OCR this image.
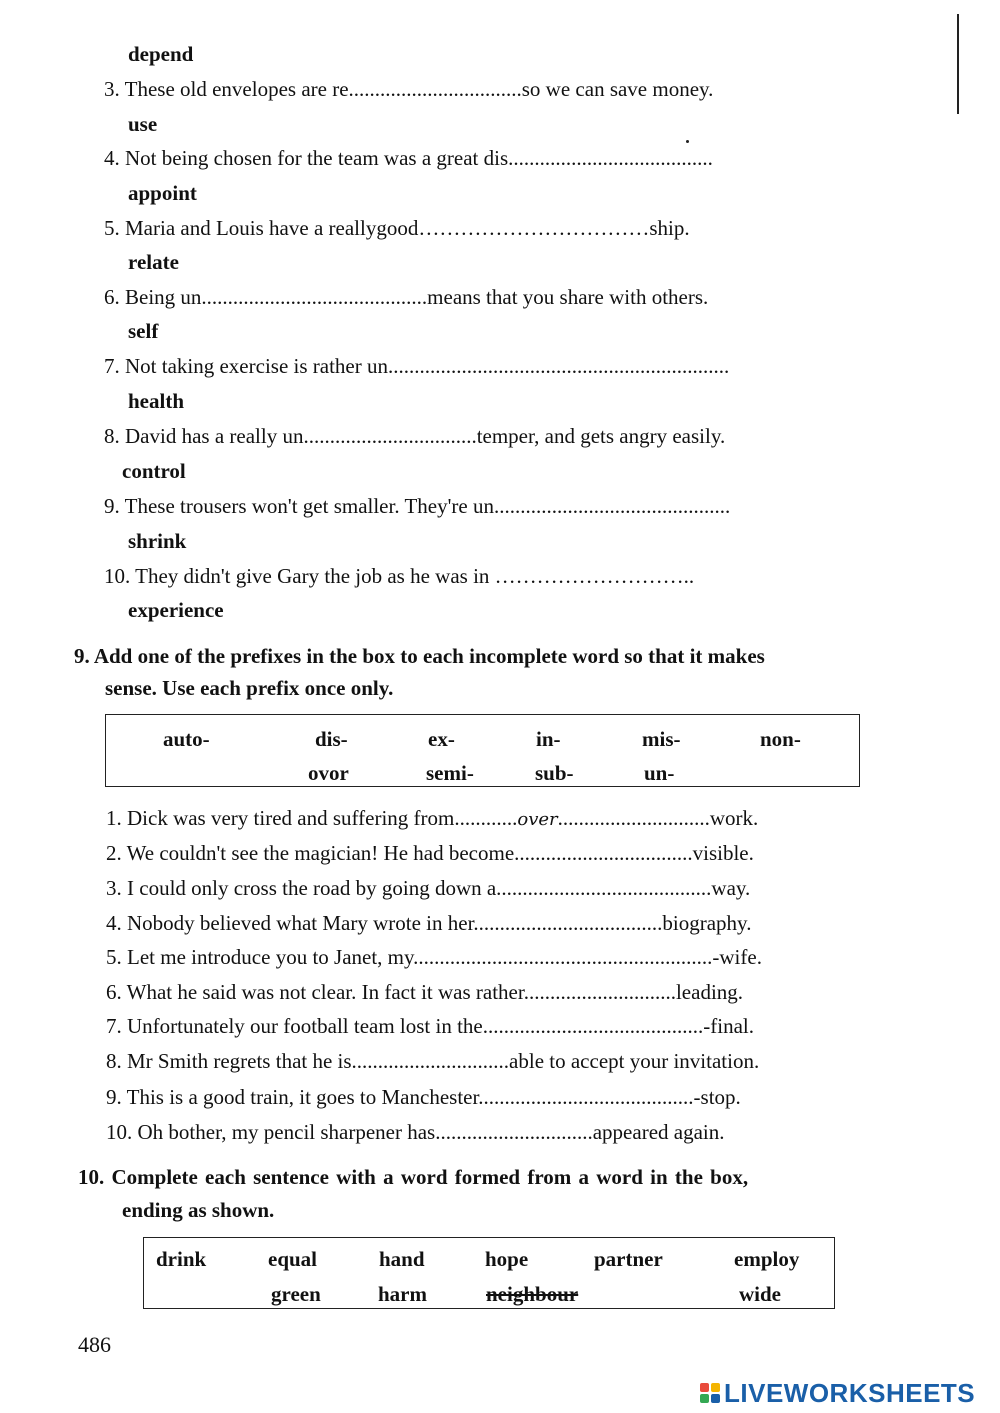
depend
3. These old envelopes are re.................................so we can save money.
use
4. Not being chosen for the team was a great dis.......................................
appoint
5. Maria and Louis have a reallygood……………………………ship.
relate
6. Being un...........................................means that you share with others.
self
7. Not taking exercise is rather un.................................................................
health
8. David has a really un.................................temper, and gets angry easily.
control
9. These trousers won't get smaller. They're un.............................................
shrink
10. They didn't give Gary the job as he was in ………………………..
experience
9. Add one of the prefixes in the box to each incomplete word so that it makes
sense. Use each prefix once only.
auto-	dis-	ex-	in-	mis-	non-
ovor	semi-	sub-	un-
1. Dick was very tired and suffering from............over.............................work.
2. We couldn't see the magician! He had become..................................visible.
3. I could only cross the road by going down a.........................................way.
4. Nobody believed what Mary wrote in her....................................biography.
5. Let me introduce you to Janet, my.........................................................-wife.
6. What he said was not clear. In fact it was rather.............................leading.
7. Unfortunately our football team lost in the..........................................-final.
8. Mr Smith regrets that he is..............................able to accept your invitation.
9. This is a good train, it goes to Manchester.........................................-stop.
10. Oh bother, my pencil sharpener has..............................appeared again.
10. Complete each sentence with a word formed from a word in the box,
ending as shown.
drink	equal	hand	hope	partner	employ
green	harm	neighbour	wide
486
LIVEWORKSHEETS
